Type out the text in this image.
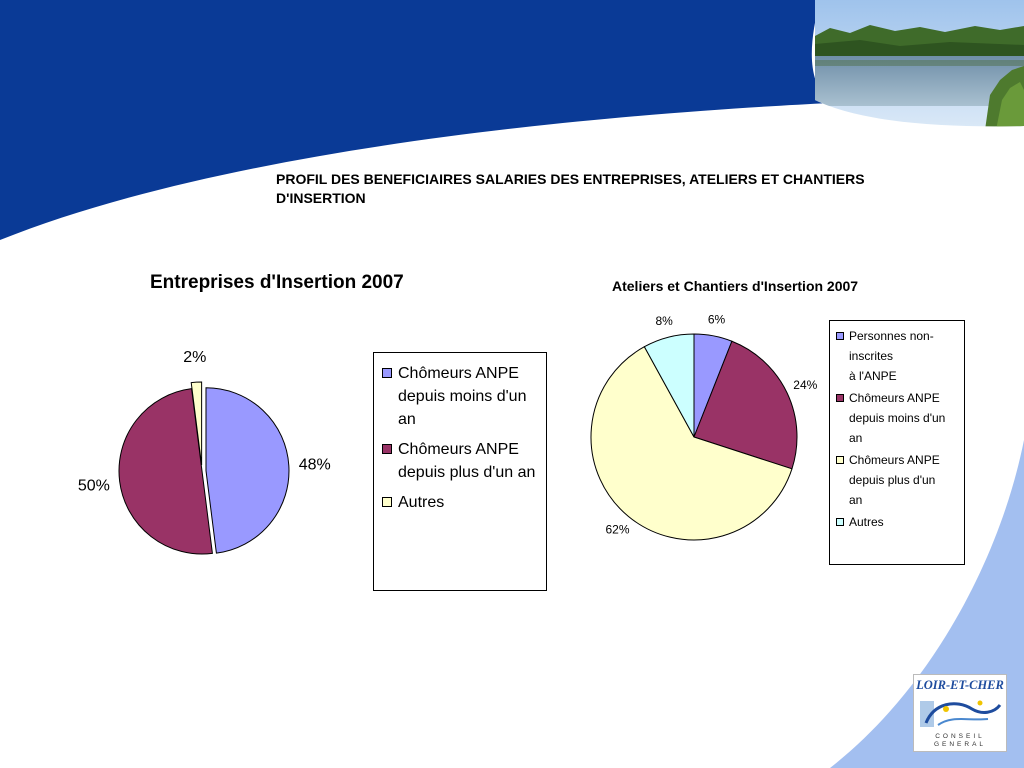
PROFIL DES BENEFICIAIRES SALARIES DES ENTREPRISES, ATELIERS ET CHANTIERS D'INSERTION
Entreprises d'Insertion 2007
48%
50%
2%
Chômeurs ANPE depuis moins d'un an
Chômeurs ANPE depuis plus d'un an
Autres
Ateliers et Chantiers d'Insertion 2007
6%
24%
62%
8%
Personnes non-
inscrites
à l'ANPE
Chômeurs ANPE
depuis moins d'un
an
Chômeurs ANPE
depuis plus d'un
an
Autres
LOIR-ET-CHER
CONSEIL
GENERAL
